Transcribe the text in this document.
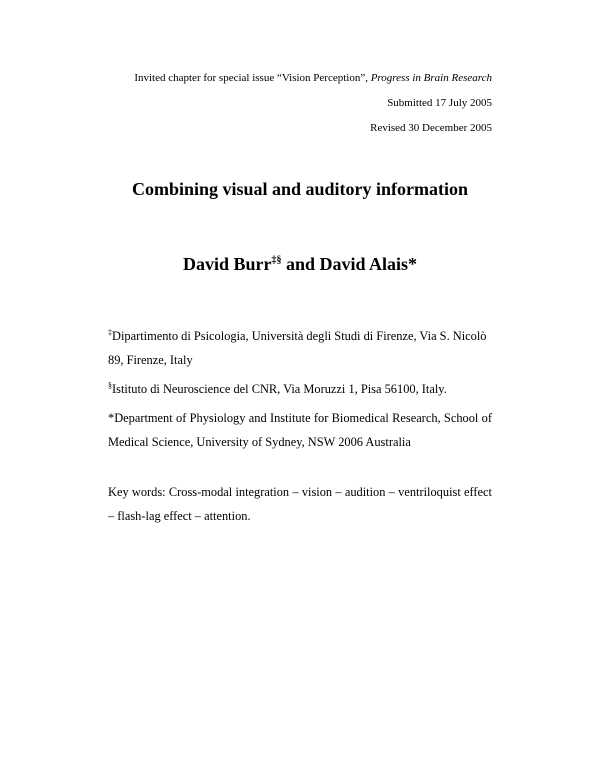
Invited chapter for special issue “Vision Perception”, Progress in Brain Research
Submitted 17 July 2005
Revised 30 December 2005
Combining visual and auditory information
David Burr‡§ and David Alais*

‡Dipartimento di Psicologia, Università degli Studi di Firenze, Via S. Nicolò 89, Firenze, Italy

§Istituto di Neuroscience del CNR, Via Moruzzi 1, Pisa 56100, Italy.

*Department of Physiology and Institute for Biomedical Research, School of Medical Science, University of Sydney, NSW 2006 Australia

Key words: Cross-modal integration – vision – audition – ventriloquist effect – flash-lag effect – attention.
